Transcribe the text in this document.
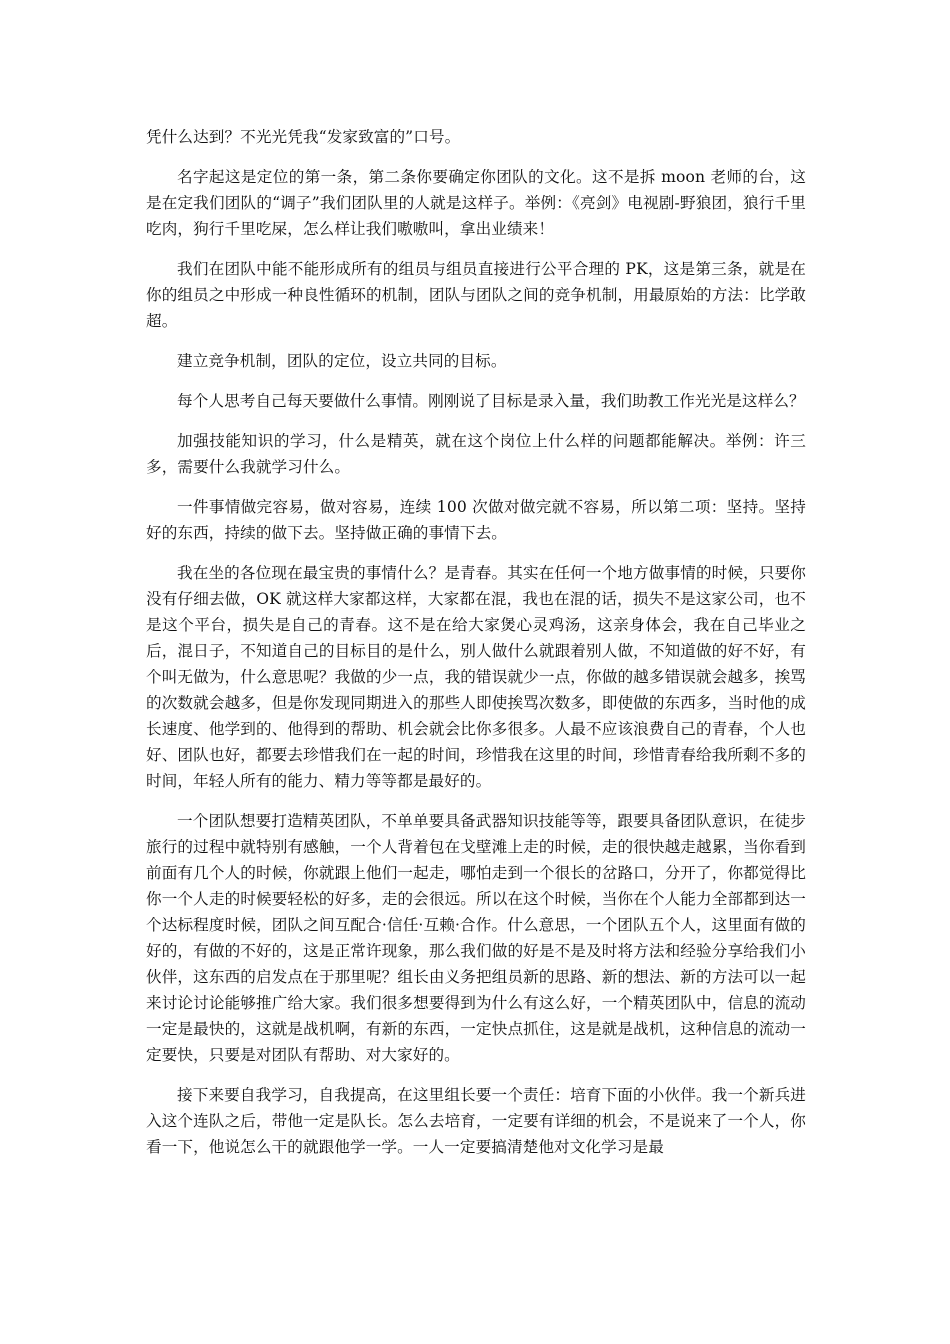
凭什么达到？不光光凭我“发家致富的”口号。

名字起这是定位的第一条，第二条你要确定你团队的文化。这不是拆 moon 老师的台，这是在定我们团队的“调子”我们团队里的人就是这样子。举例：《亮剑》电视剧-野狼团，狼行千里吃肉，狗行千里吃屎，怎么样让我们嗷嗷叫，拿出业绩来！

我们在团队中能不能形成所有的组员与组员直接进行公平合理的 PK，这是第三条，就是在你的组员之中形成一种良性循环的机制，团队与团队之间的竞争机制，用最原始的方法：比学敢超。

建立竞争机制，团队的定位，设立共同的目标。

每个人思考自己每天要做什么事情。刚刚说了目标是录入量，我们助教工作光光是这样么？

加强技能知识的学习，什么是精英，就在这个岗位上什么样的问题都能解决。举例：许三多，需要什么我就学习什么。

一件事情做完容易，做对容易，连续 100 次做对做完就不容易，所以第二项：坚持。坚持好的东西，持续的做下去。坚持做正确的事情下去。

我在坐的各位现在最宝贵的事情什么？是青春。其实在任何一个地方做事情的时候，只要你没有仔细去做，OK 就这样大家都这样，大家都在混，我也在混的话，损失不是这家公司，也不是这个平台，损失是自己的青春。这不是在给大家煲心灵鸡汤，这亲身体会，我在自己毕业之后，混日子，不知道自己的目标目的是什么，别人做什么就跟着别人做，不知道做的好不好，有个叫无做为，什么意思呢？我做的少一点，我的错误就少一点，你做的越多错误就会越多，挨骂的次数就会越多，但是你发现同期进入的那些人即使挨骂次数多，即使做的东西多，当时他的成长速度、他学到的、他得到的帮助、机会就会比你多很多。人最不应该浪费自己的青春，个人也好、团队也好，都要去珍惜我们在一起的时间，珍惜我在这里的时间，珍惜青春给我所剩不多的时间，年轻人所有的能力、精力等等都是最好的。

一个团队想要打造精英团队，不单单要具备武器知识技能等等，跟要具备团队意识，在徒步旅行的过程中就特别有感触，一个人背着包在戈壁滩上走的时候，走的很快越走越累，当你看到前面有几个人的时候，你就跟上他们一起走，哪怕走到一个很长的岔路口，分开了，你都觉得比你一个人走的时候要轻松的好多，走的会很远。所以在这个时候，当你在个人能力全部都到达一个达标程度时候，团队之间互配合·信任·互赖·合作。什么意思，一个团队五个人，这里面有做的好的，有做的不好的，这是正常许现象，那么我们做的好是不是及时将方法和经验分享给我们小伙伴，这东西的启发点在于那里呢？组长由义务把组员新的思路、新的想法、新的方法可以一起来讨论讨论能够推广给大家。我们很多想要得到为什么有这么好，一个精英团队中，信息的流动一定是最快的，这就是战机啊，有新的东西，一定快点抓住，这是就是战机，这种信息的流动一定要快，只要是对团队有帮助、对大家好的。

接下来要自我学习，自我提高，在这里组长要一个责任：培育下面的小伙伴。我一个新兵进入这个连队之后，带他一定是队长。怎么去培育，一定要有详细的机会，不是说来了一个人，你看一下，他说怎么干的就跟他学一学。一人一定要搞清楚他对文化学习是最
